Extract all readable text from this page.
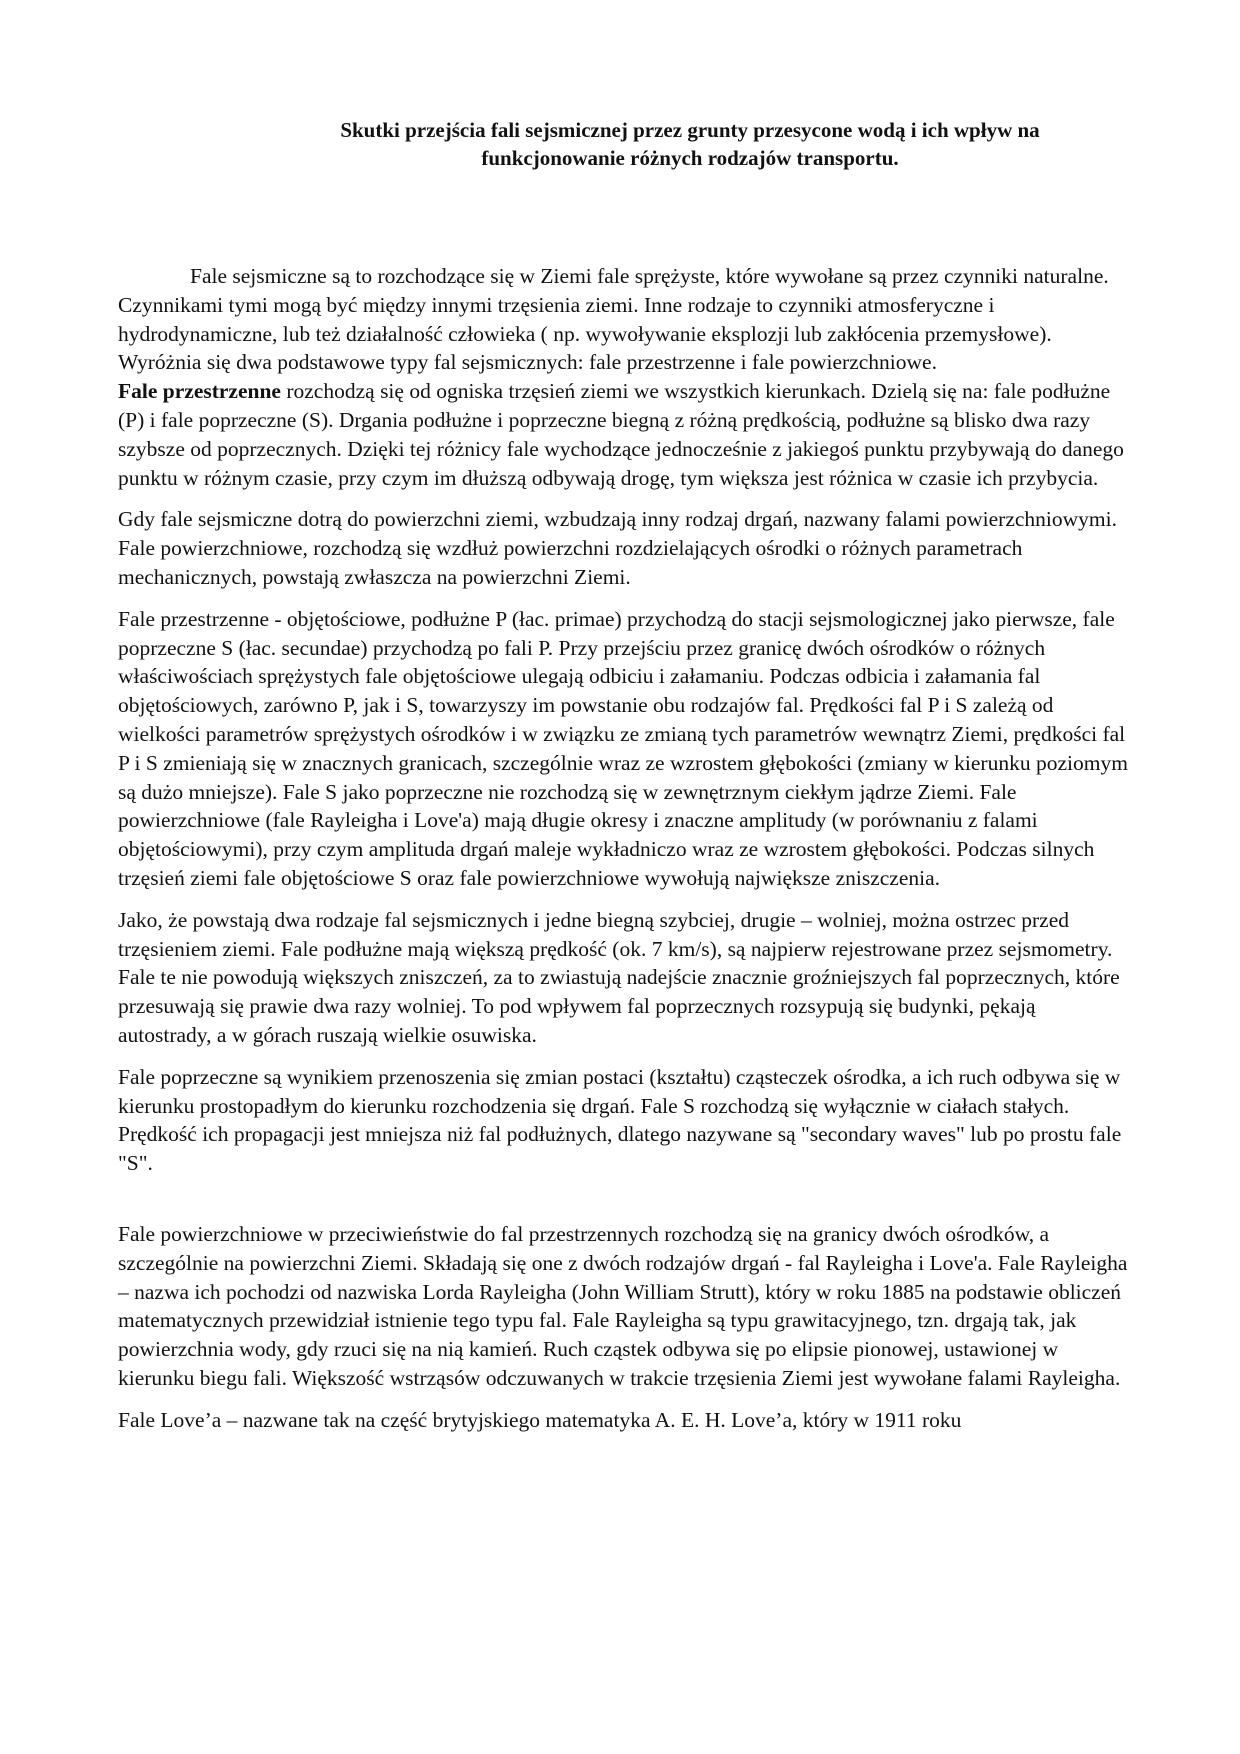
Skutki przejścia fali sejsmicznej przez grunty przesycone wodą i ich wpływ na
funkcjonowanie różnych rodzajów transportu.

Fale sejsmiczne są to rozchodzące się w Ziemi fale sprężyste, które wywołane są przez czynniki naturalne. Czynnikami tymi mogą być między innymi trzęsienia ziemi. Inne rodzaje to czynniki atmosferyczne i hydrodynamiczne, lub też działalność człowieka ( np. wywoływanie eksplozji lub zakłócenia przemysłowe).

Wyróżnia się dwa podstawowe typy fal sejsmicznych: fale przestrzenne i fale powierzchniowe.

Fale przestrzenne rozchodzą się od ogniska trzęsień ziemi we wszystkich kierunkach. Dzielą się na: fale podłużne (P) i fale poprzeczne (S). Drgania podłużne i poprzeczne biegną z różną prędkością, podłużne są blisko dwa razy szybsze od poprzecznych. Dzięki tej różnicy fale wychodzące jednocześnie z jakiegoś punktu przybywają do danego punktu w różnym czasie, przy czym im dłuższą odbywają drogę, tym większa jest różnica w czasie ich przybycia.

Gdy fale sejsmiczne dotrą do powierzchni ziemi, wzbudzają inny rodzaj drgań, nazwany falami powierzchniowymi. Fale powierzchniowe, rozchodzą się wzdłuż powierzchni rozdzielających ośrodki o różnych parametrach mechanicznych, powstają zwłaszcza na powierzchni Ziemi.

Fale przestrzenne - objętościowe, podłużne P (łac. primae) przychodzą do stacji sejsmologicznej jako pierwsze, fale poprzeczne S (łac. secundae) przychodzą po fali P. Przy przejściu przez granicę dwóch ośrodków o różnych właściwościach sprężystych fale objętościowe ulegają odbiciu i załamaniu. Podczas odbicia i załamania fal objętościowych, zarówno P, jak i S, towarzyszy im powstanie obu rodzajów fal. Prędkości fal P i S zależą od wielkości parametrów sprężystych ośrodków i w związku ze zmianą tych parametrów wewnątrz Ziemi, prędkości fal P i S zmieniają się w znacznych granicach, szczególnie wraz ze wzrostem głębokości (zmiany w kierunku poziomym są dużo mniejsze). Fale S jako poprzeczne nie rozchodzą się w zewnętrznym ciekłym jądrze Ziemi. Fale powierzchniowe (fale Rayleigha i Love'a) mają długie okresy i znaczne amplitudy (w porównaniu z falami objętościowymi), przy czym amplituda drgań maleje wykładniczo wraz ze wzrostem głębokości. Podczas silnych trzęsień ziemi fale objętościowe S oraz fale powierzchniowe wywołują największe zniszczenia.

Jako, że powstają dwa rodzaje fal sejsmicznych i jedne biegną szybciej, drugie – wolniej, można ostrzec przed trzęsieniem ziemi. Fale podłużne mają większą prędkość (ok. 7 km/s), są najpierw rejestrowane przez sejsmometry. Fale te nie powodują większych zniszczeń, za to zwiastują nadejście znacznie groźniejszych fal poprzecznych, które przesuwają się prawie dwa razy wolniej. To pod wpływem fal poprzecznych rozsypują się budynki, pękają autostrady, a w górach ruszają wielkie osuwiska.

Fale poprzeczne są wynikiem przenoszenia się zmian postaci (kształtu) cząsteczek ośrodka, a ich ruch odbywa się w kierunku prostopadłym do kierunku rozchodzenia się drgań. Fale S rozchodzą się wyłącznie w ciałach stałych. Prędkość ich propagacji jest mniejsza niż fal podłużnych, dlatego nazywane są "secondary waves" lub po prostu fale "S".

Fale powierzchniowe w przeciwieństwie do fal przestrzennych rozchodzą się na granicy dwóch ośrodków, a szczególnie na powierzchni Ziemi. Składają się one z dwóch rodzajów drgań - fal Rayleigha i Love'a. Fale Rayleigha – nazwa ich pochodzi od nazwiska Lorda Rayleigha (John William Strutt), który w roku 1885 na podstawie obliczeń matematycznych przewidział istnienie tego typu fal. Fale Rayleigha są typu grawitacyjnego, tzn. drgają tak, jak powierzchnia wody, gdy rzuci się na nią kamień. Ruch cząstek odbywa się po elipsie pionowej, ustawionej w kierunku biegu fali. Większość wstrząsów odczuwanych w trakcie trzęsienia Ziemi jest wywołane falami Rayleigha.

Fale Love’a – nazwane tak na część brytyjskiego matematyka A. E. H. Love’a, który w 1911 roku
